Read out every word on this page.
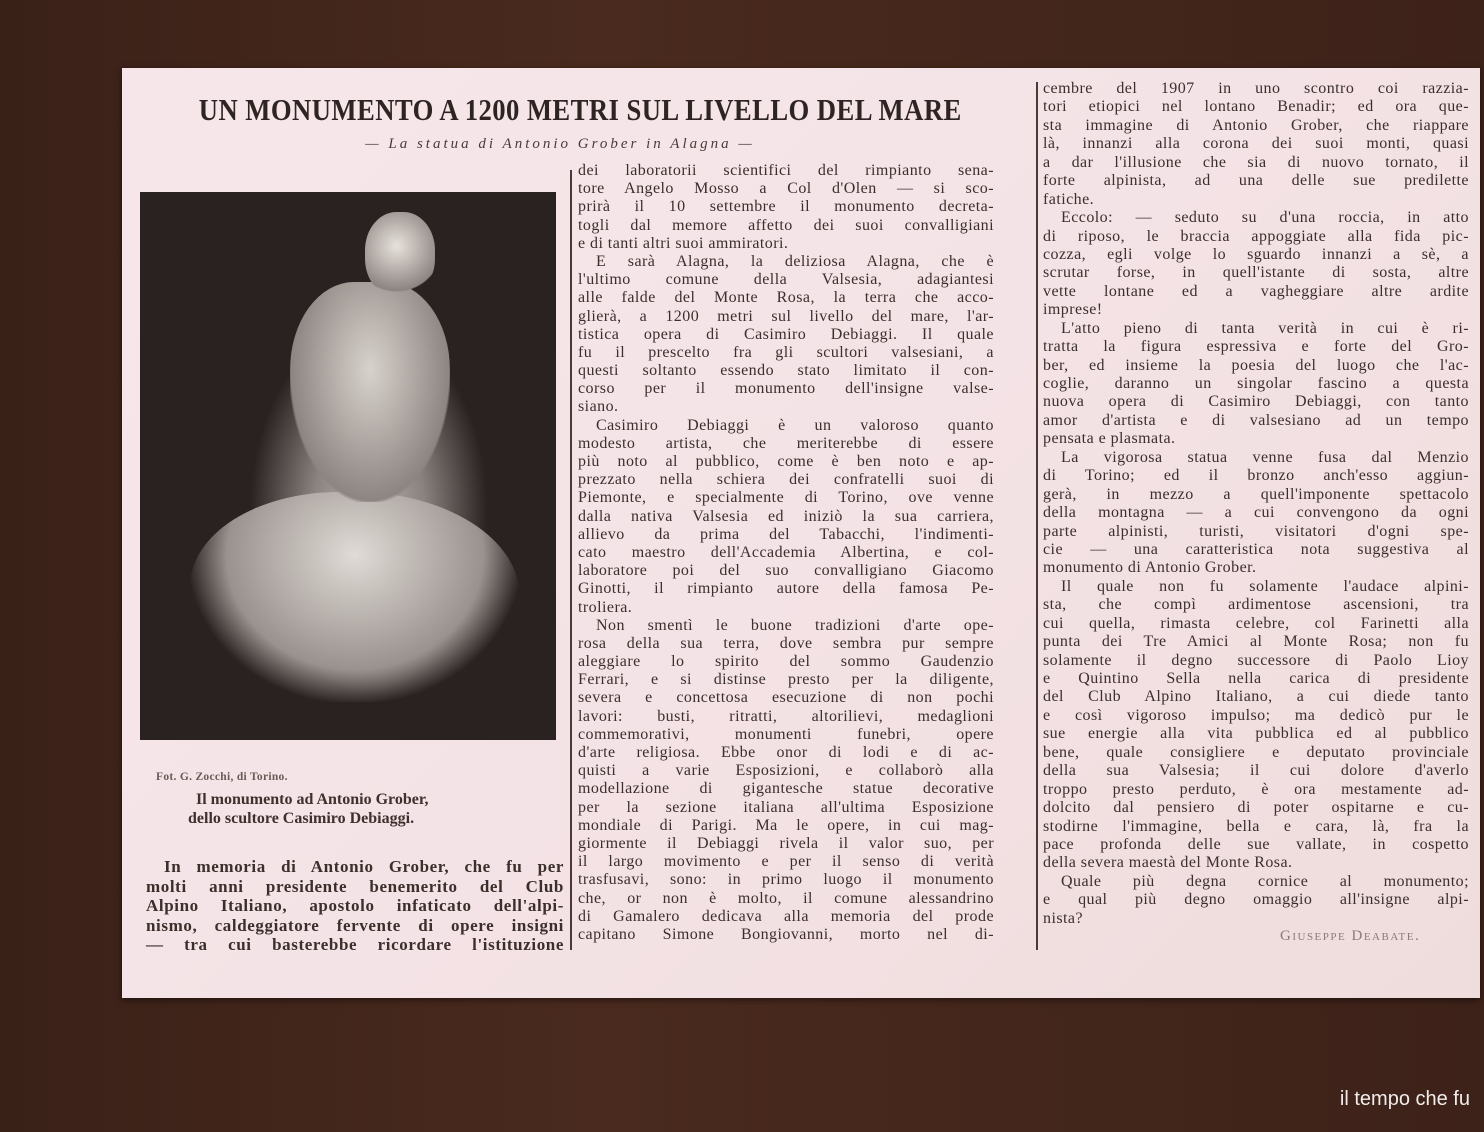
UN MONUMENTO A 1200 METRI SUL LIVELLO DEL MARE
— La statua di Antonio Grober in Alagna —
Fot. G. Zocchi, di Torino.
Il monumento ad Antonio Grober,
dello scultore Casimiro Debiaggi.
In memoria di Antonio Grober, che fu per
molti anni presidente benemerito del Club
Alpino Italiano, apostolo infaticato dell'alpi-
nismo, caldeggiatore fervente di opere insigni
— tra cui basterebbe ricordare l'istituzione
dei laboratorii scientifici del rimpianto sena-
tore Angelo Mosso a Col d'Olen — si sco-
prirà il 10 settembre il monumento decreta-
togli dal memore affetto dei suoi convalligiani
e di tanti altri suoi ammiratori.
E sarà Alagna, la deliziosa Alagna, che è
l'ultimo comune della Valsesia, adagiantesi
alle falde del Monte Rosa, la terra che acco-
glierà, a 1200 metri sul livello del mare, l'ar-
tistica opera di Casimiro Debiaggi. Il quale
fu il prescelto fra gli scultori valsesiani, a
questi soltanto essendo stato limitato il con-
corso per il monumento dell'insigne valse-
siano.
Casimiro Debiaggi è un valoroso quanto
modesto artista, che meriterebbe di essere
più noto al pubblico, come è ben noto e ap-
prezzato nella schiera dei confratelli suoi di
Piemonte, e specialmente di Torino, ove venne
dalla nativa Valsesia ed iniziò la sua carriera,
allievo da prima del Tabacchi, l'indimenti-
cato maestro dell'Accademia Albertina, e col-
laboratore poi del suo convalligiano Giacomo
Ginotti, il rimpianto autore della famosa Pe-
troliera.
Non smentì le buone tradizioni d'arte ope-
rosa della sua terra, dove sembra pur sempre
aleggiare lo spirito del sommo Gaudenzio
Ferrari, e si distinse presto per la diligente,
severa e concettosa esecuzione di non pochi
lavori: busti, ritratti, altorilievi, medaglioni
commemorativi, monumenti funebri, opere
d'arte religiosa. Ebbe onor di lodi e di ac-
quisti a varie Esposizioni, e collaborò alla
modellazione di gigantesche statue decorative
per la sezione italiana all'ultima Esposizione
mondiale di Parigi. Ma le opere, in cui mag-
giormente il Debiaggi rivela il valor suo, per
il largo movimento e per il senso di verità
trasfusavi, sono: in primo luogo il monumento
che, or non è molto, il comune alessandrino
di Gamalero dedicava alla memoria del prode
capitano Simone Bongiovanni, morto nel di-
cembre del 1907 in uno scontro coi razzia-
tori etiopici nel lontano Benadir; ed ora que-
sta immagine di Antonio Grober, che riappare
là, innanzi alla corona dei suoi monti, quasi
a dar l'illusione che sia di nuovo tornato, il
forte alpinista, ad una delle sue predilette
fatiche.
Eccolo: — seduto su d'una roccia, in atto
di riposo, le braccia appoggiate alla fida pic-
cozza, egli volge lo sguardo innanzi a sè, a
scrutar forse, in quell'istante di sosta, altre
vette lontane ed a vagheggiare altre ardite
imprese!
L'atto pieno di tanta verità in cui è ri-
tratta la figura espressiva e forte del Gro-
ber, ed insieme la poesia del luogo che l'ac-
coglie, daranno un singolar fascino a questa
nuova opera di Casimiro Debiaggi, con tanto
amor d'artista e di valsesiano ad un tempo
pensata e plasmata.
La vigorosa statua venne fusa dal Menzio
di Torino; ed il bronzo anch'esso aggiun-
gerà, in mezzo a quell'imponente spettacolo
della montagna — a cui convengono da ogni
parte alpinisti, turisti, visitatori d'ogni spe-
cie — una caratteristica nota suggestiva al
monumento di Antonio Grober.
Il quale non fu solamente l'audace alpini-
sta, che compì ardimentose ascensioni, tra
cui quella, rimasta celebre, col Farinetti alla
punta dei Tre Amici al Monte Rosa; non fu
solamente il degno successore di Paolo Lioy
e Quintino Sella nella carica di presidente
del Club Alpino Italiano, a cui diede tanto
e così vigoroso impulso; ma dedicò pur le
sue energie alla vita pubblica ed al pubblico
bene, quale consigliere e deputato provinciale
della sua Valsesia; il cui dolore d'averlo
troppo presto perduto, è ora mestamente ad-
dolcito dal pensiero di poter ospitarne e cu-
stodirne l'immagine, bella e cara, là, fra la
pace profonda delle sue vallate, in cospetto
della severa maestà del Monte Rosa.
Quale più degna cornice al monumento;
e qual più degno omaggio all'insigne alpi-
nista?
Giuseppe Deabate.
il tempo che fu
